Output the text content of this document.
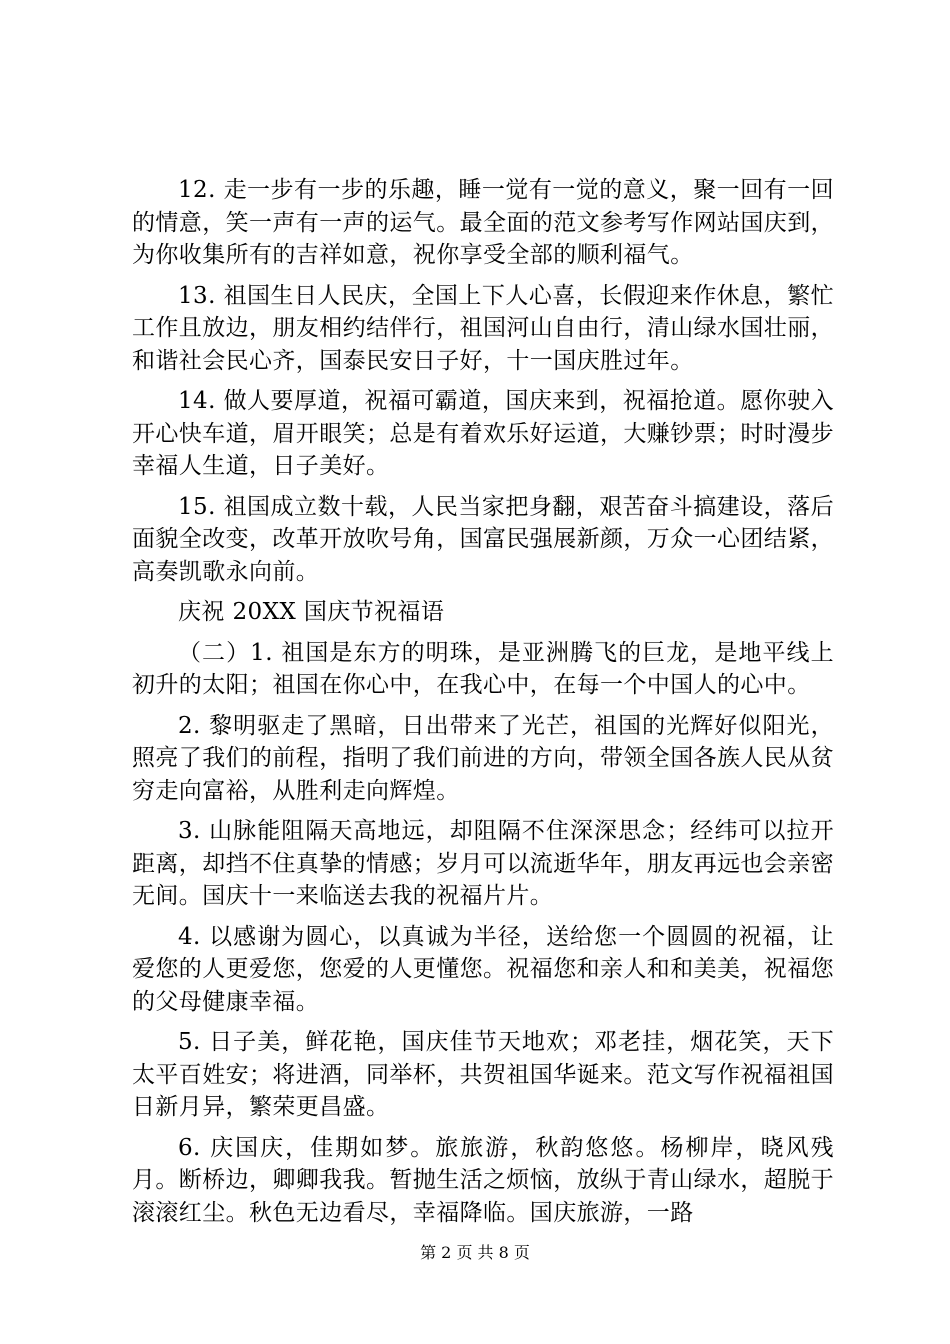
12. 走一步有一步的乐趣，睡一觉有一觉的意义，聚一回有一回的情意，笑一声有一声的运气。最全面的范文参考写作网站国庆到，为你收集所有的吉祥如意，祝你享受全部的顺利福气。

13. 祖国生日人民庆，全国上下人心喜，长假迎来作休息，繁忙工作且放边，朋友相约结伴行，祖国河山自由行，清山绿水国壮丽，和谐社会民心齐，国泰民安日子好，十一国庆胜过年。

14. 做人要厚道，祝福可霸道，国庆来到，祝福抢道。愿你驶入开心快车道，眉开眼笑；总是有着欢乐好运道，大赚钞票；时时漫步幸福人生道，日子美好。

15. 祖国成立数十载，人民当家把身翻，艰苦奋斗搞建设，落后面貌全改变，改革开放吹号角，国富民强展新颜，万众一心团结紧，高奏凯歌永向前。

庆祝 20XX 国庆节祝福语

（二）1. 祖国是东方的明珠，是亚洲腾飞的巨龙，是地平线上初升的太阳；祖国在你心中，在我心中，在每一个中国人的心中。

2. 黎明驱走了黑暗，日出带来了光芒，祖国的光辉好似阳光，照亮了我们的前程，指明了我们前进的方向，带领全国各族人民从贫穷走向富裕，从胜利走向辉煌。

3. 山脉能阻隔天高地远，却阻隔不住深深思念；经纬可以拉开距离，却挡不住真挚的情感；岁月可以流逝华年，朋友再远也会亲密无间。国庆十一来临送去我的祝福片片。

4. 以感谢为圆心，以真诚为半径，送给您一个圆圆的祝福，让爱您的人更爱您，您爱的人更懂您。祝福您和亲人和和美美，祝福您的父母健康幸福。

5. 日子美，鲜花艳，国庆佳节天地欢；邓老挂，烟花笑，天下太平百姓安；将进酒，同举杯，共贺祖国华诞来。范文写作祝福祖国日新月异，繁荣更昌盛。

6. 庆国庆，佳期如梦。旅旅游，秋韵悠悠。杨柳岸，晓风残月。断桥边，卿卿我我。暂抛生活之烦恼，放纵于青山绿水，超脱于滚滚红尘。秋色无边看尽，幸福降临。国庆旅游，一路

第 2 页 共 8 页
